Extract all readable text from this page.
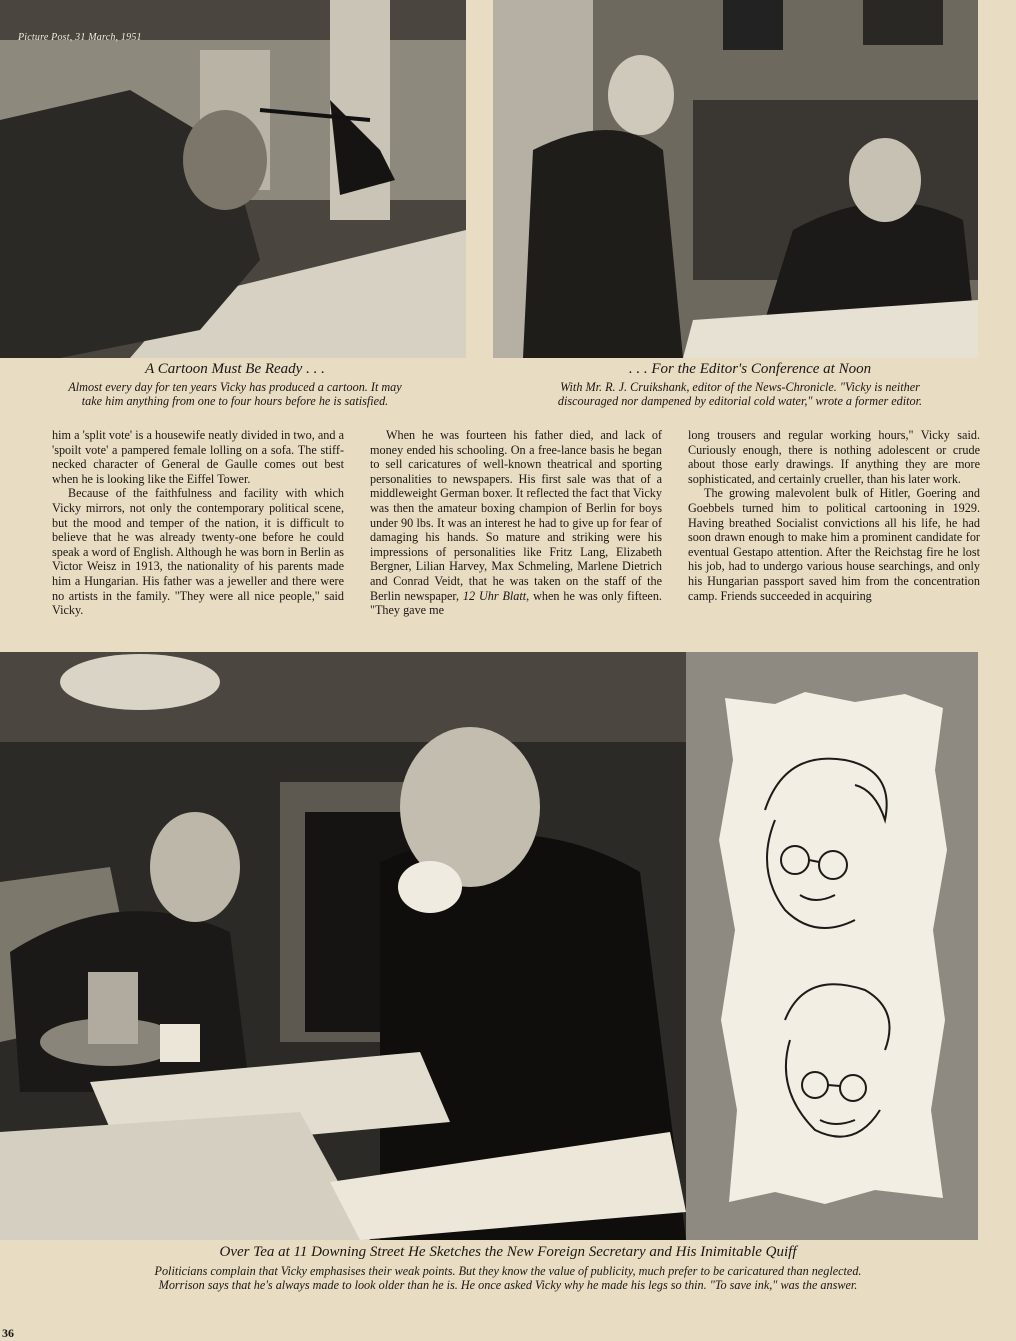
Picture Post, 31 March, 1951
A Cartoon Must Be Ready . . .
Almost every day for ten years Vicky has produced a cartoon. It may
take him anything from one to four hours before he is satisfied.
. . . For the Editor's Conference at Noon
With Mr. R. J. Cruikshank, editor of the News-Chronicle. "Vicky is neither
discouraged nor dampened by editorial cold water," wrote a former editor.

him a 'split vote' is a housewife neatly divided in two, and a 'spoilt vote' a pampered female lolling on a sofa. The stiff-necked character of General de Gaulle comes out best when he is looking like the Eiffel Tower.

Because of the faithfulness and facility with which Vicky mirrors, not only the contemporary political scene, but the mood and temper of the nation, it is difficult to believe that he was already twenty-one before he could speak a word of English. Although he was born in Berlin as Victor Weisz in 1913, the nationality of his parents made him a Hungarian. His father was a jeweller and there were no artists in the family. "They were all nice people," said Vicky.

When he was fourteen his father died, and lack of money ended his schooling. On a free-lance basis he began to sell caricatures of well-known theatrical and sporting personalities to newspapers. His first sale was that of a middleweight German boxer. It reflected the fact that Vicky was then the amateur boxing champion of Berlin for boys under 90 lbs. It was an interest he had to give up for fear of damaging his hands. So mature and striking were his impressions of personalities like Fritz Lang, Elizabeth Bergner, Lilian Harvey, Max Schmeling, Marlene Dietrich and Conrad Veidt, that he was taken on the staff of the Berlin newspaper, 12 Uhr Blatt, when he was only fifteen. "They gave me

long trousers and regular working hours," Vicky said. Curiously enough, there is nothing adolescent or crude about those early drawings. If anything they are more sophisticated, and certainly crueller, than his later work.

The growing malevolent bulk of Hitler, Goering and Goebbels turned him to political cartooning in 1929. Having breathed Socialist convictions all his life, he had soon drawn enough to make him a prominent candidate for eventual Gestapo attention. After the Reichstag fire he lost his job, had to undergo various house searchings, and only his Hungarian passport saved him from the concentration camp. Friends succeeded in acquiring

Over Tea at 11 Downing Street He Sketches the New Foreign Secretary and His Inimitable Quiff
Politicians complain that Vicky emphasises their weak points. But they know the value of publicity, much prefer to be caricatured than neglected.
Morrison says that he's always made to look older than he is. He once asked Vicky why he made his legs so thin. "To save ink," was the answer.
36
